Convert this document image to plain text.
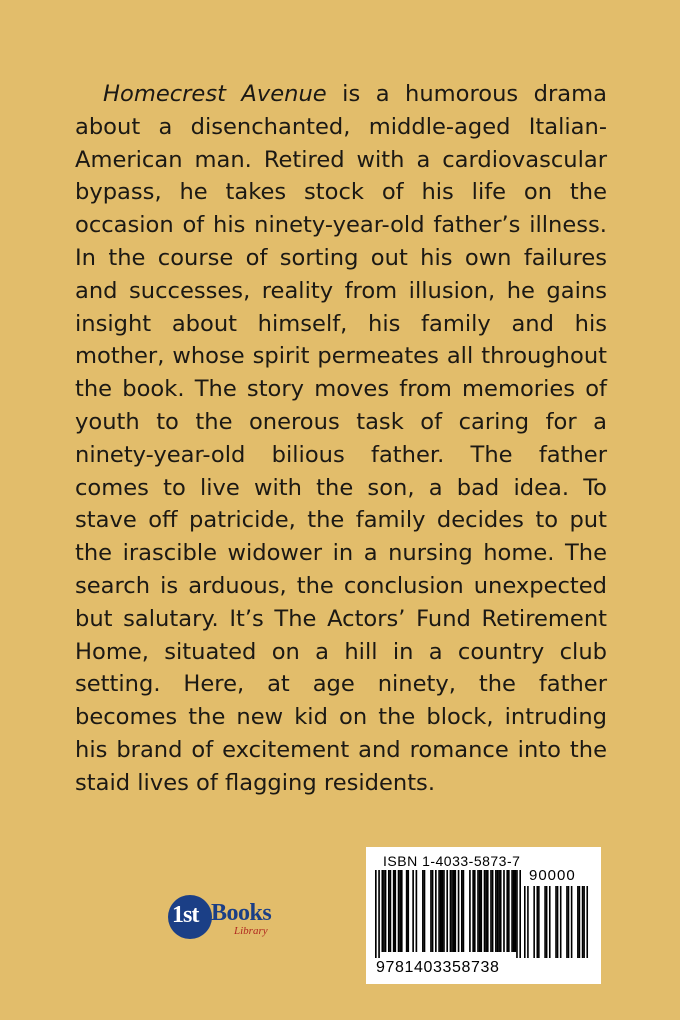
Homecrest Avenue is a humorous drama about a disenchanted, middle-aged Italian-American man. Retired with a cardiovascular bypass, he takes stock of his life on the occasion of his ninety-year-old father’s illness. In the course of sorting out his own failures and successes, reality from illusion, he gains insight about himself, his family and his mother, whose spirit permeates all throughout the book. The story moves from memories of youth to the onerous task of caring for a ninety-year-old bilious father. The father comes to live with the son, a bad idea. To stave off patricide, the family decides to put the irascible widower in a nursing home. The search is arduous, the conclusion unexpected but salutary. It’s The Actors’ Fund Retirement Home, situated on a hill in a country club setting. Here, at age ninety, the father becomes the new kid on the block, intruding his brand of excitement and romance into the staid lives of flagging residents.

1st Books
Library
ISBN 1-4033-5873-7
90000
9781403358738
